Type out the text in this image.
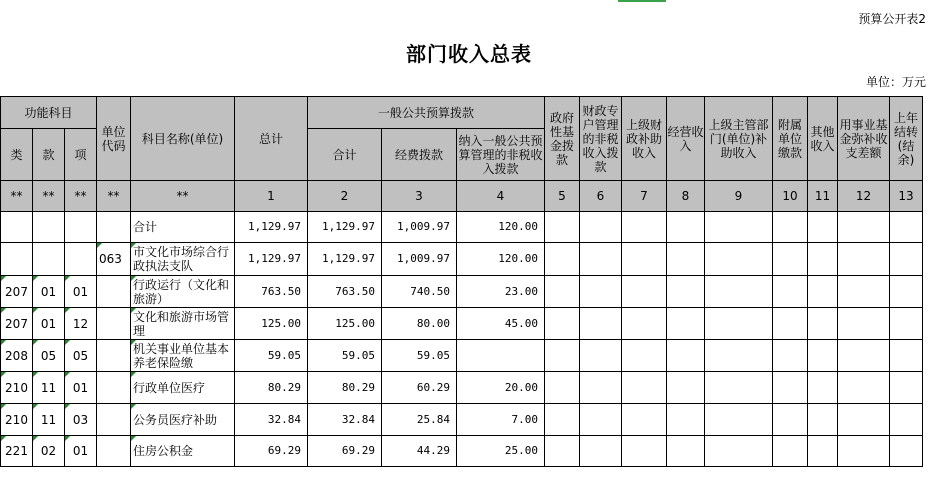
预算公开表2
部门收入总表
单位：万元
功能科目			单位代码	科目名称(单位)	总计	一般公共预算拨款			政府性基金拨款	财政专户管理的非税收入拨款	上级财政补助收入	经营收入	上级主管部门(单位)补助收入	附属单位缴款	其他收入	用事业基金弥补收支差额	上年结转(结余)
类	款	项				合计	经费拨款	纳入一般公共预算管理的非税收入拨款									
**	**	**	**	**	1	2	3	4	5	6	7	8	9	10	11	12	13
				合计	1,129.97	1,129.97	1,009.97	120.00									
			063	市文化市场综合行政执法支队	1,129.97	1,129.97	1,009.97	120.00									
207	01	01		行政运行（文化和旅游）	763.50	763.50	740.50	23.00									
207	01	12		文化和旅游市场管理	125.00	125.00	80.00	45.00									
208	05	05		机关事业单位基本养老保险缴	59.05	59.05	59.05										
210	11	01		行政单位医疗	80.29	80.29	60.29	20.00									
210	11	03		公务员医疗补助	32.84	32.84	25.84	7.00									
221	02	01		住房公积金	69.29	69.29	44.29	25.00									
